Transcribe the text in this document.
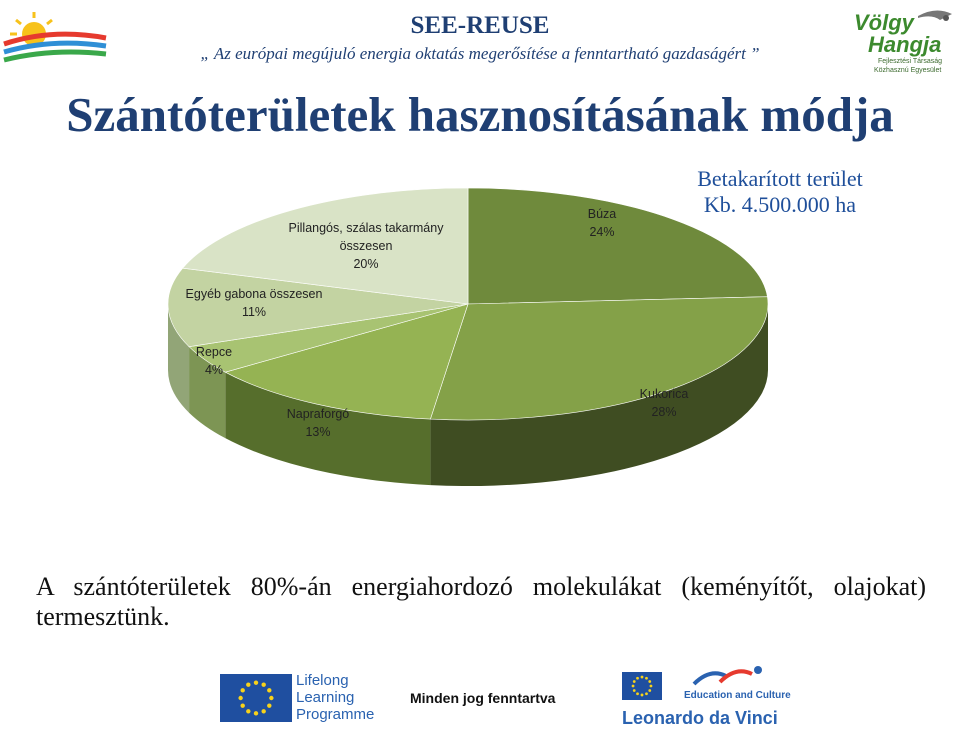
SEE-REUSE
„ Az európai megújuló energia oktatás megerősítése a fenntartható gazdaságért ”
Völgy
Hangja
Fejlesztési Társaság
Közhasznú Egyesület
Szántóterületek hasznosításának módja
Búza 24%
Kukorica 28%
Napraforgó 13%
Repce 4%
Egyéb gabona összesen 11%
Pillangós, szálas takarmány összesen 20%
Betakarított terület
Kb. 4.500.000 ha
A szántóterületek 80%-án energiahordozó molekulákat (keményítőt, olajokat) termesztünk.
Lifelong
Learning
Programme
Minden jog fenntartva	Education and Culture
Leonardo da Vinci
